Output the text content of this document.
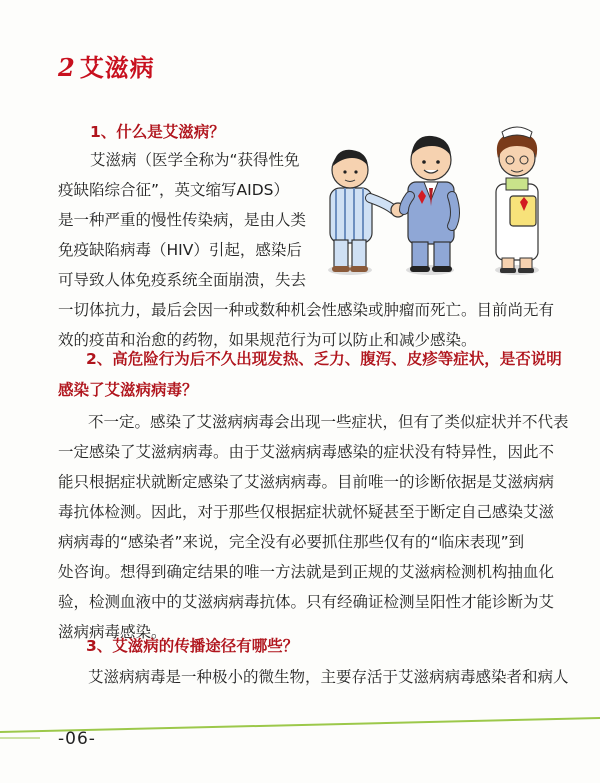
2 艾滋病
1、什么是艾滋病？
艾滋病（医学全称为“获得性免
疫缺陷综合征”，英文缩写AIDS）
是一种严重的慢性传染病，是由人类
免疫缺陷病毒（HIV）引起，感染后
可导致人体免疫系统全面崩溃，失去
一切体抗力，最后会因一种或数种机会性感染或肿瘤而死亡。目前尚无有
效的疫苗和治愈的药物，如果规范行为可以防止和减少感染。
2、高危险行为后不久出现发热、乏力、腹泻、皮疹等症状，是否说明
感染了艾滋病病毒？
不一定。感染了艾滋病病毒会出现一些症状，但有了类似症状并不代表
一定感染了艾滋病病毒。由于艾滋病病毒感染的症状没有特异性，因此不
能只根据症状就断定感染了艾滋病病毒。目前唯一的诊断依据是艾滋病病
毒抗体检测。因此，对于那些仅根据症状就怀疑甚至于断定自己感染艾滋
病病毒的“感染者”来说，完全没有必要抓住那些仅有的“临床表现”到
处咨询。想得到确定结果的唯一方法就是到正规的艾滋病检测机构抽血化
验，检测血液中的艾滋病病毒抗体。只有经确证检测呈阳性才能诊断为艾
滋病病毒感染。
3、艾滋病的传播途径有哪些？
艾滋病病毒是一种极小的微生物，主要存活于艾滋病病毒感染者和病人
-06-
